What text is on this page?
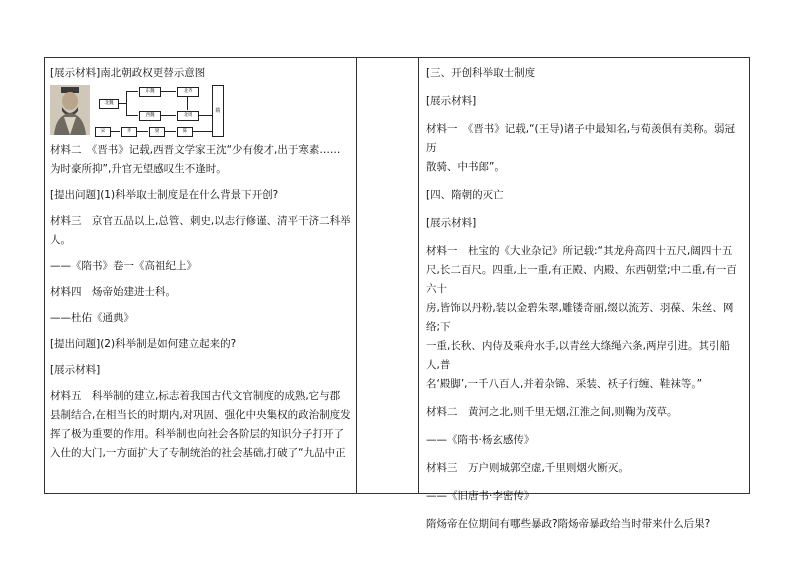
[展示材料]南北朝政权更替示意图

北魏
东魏
西魏
北齐
北周
宋	齐	梁	陈
隋

材料二　《晋书》记载,西晋文学家王沈“少有俊才,出于寒素……

为时豪所抑”,升官无望感叹生不逢时。

[提出问题](1)科举取士制度是在什么背景下开创?

材料三　京官五品以上,总管、刺史,以志行修谨、清平干济二科举

人。

——《隋书》卷一《高祖纪上》

材料四　炀帝始建进士科。

——杜佑《通典》

[提出问题](2)科举制是如何建立起来的?

[展示材料]

材料五　科举制的建立,标志着我国古代文官制度的成熟,它与郡

县制结合,在相当长的时期内,对巩固、强化中央集权的政治制度发

挥了极为重要的作用。科举制也向社会各阶层的知识分子打开了

入仕的大门,一方面扩大了专制统治的社会基础,打破了“九品中正

[三、开创科举取士制度

[展示材料]

材料一　《晋书》记载,“(王导)诸子中最知名,与荀羡俱有美称。弱冠历

散骑、中书郎”。

[四、隋朝的灭亡

[展示材料]

材料一　杜宝的《大业杂记》所记载:“其龙舟高四十五尺,阔四十五

尺,长二百尺。四重,上一重,有正殿、内殿、东西朝堂;中二重,有一百六十

房,皆饰以丹粉,装以金碧朱翠,雕镂奇丽,缀以流芳、羽葆、朱丝、网络;下

一重,长秋、内侍及乘舟水手,以青丝大绦绳六条,两岸引进。其引船人,普

名‘殿脚’,一千八百人,并着杂锦、采装、袄子行缠、鞋袜等。”

材料二　黄河之北,则千里无烟,江淮之间,则鞠为茂草。

——《隋书·杨玄感传》

材料三　万户则城郭空虚,千里则烟火断灭。

——《旧唐书·李密传》

隋炀帝在位期间有哪些暴政?隋炀帝暴政给当时带来什么后果?
